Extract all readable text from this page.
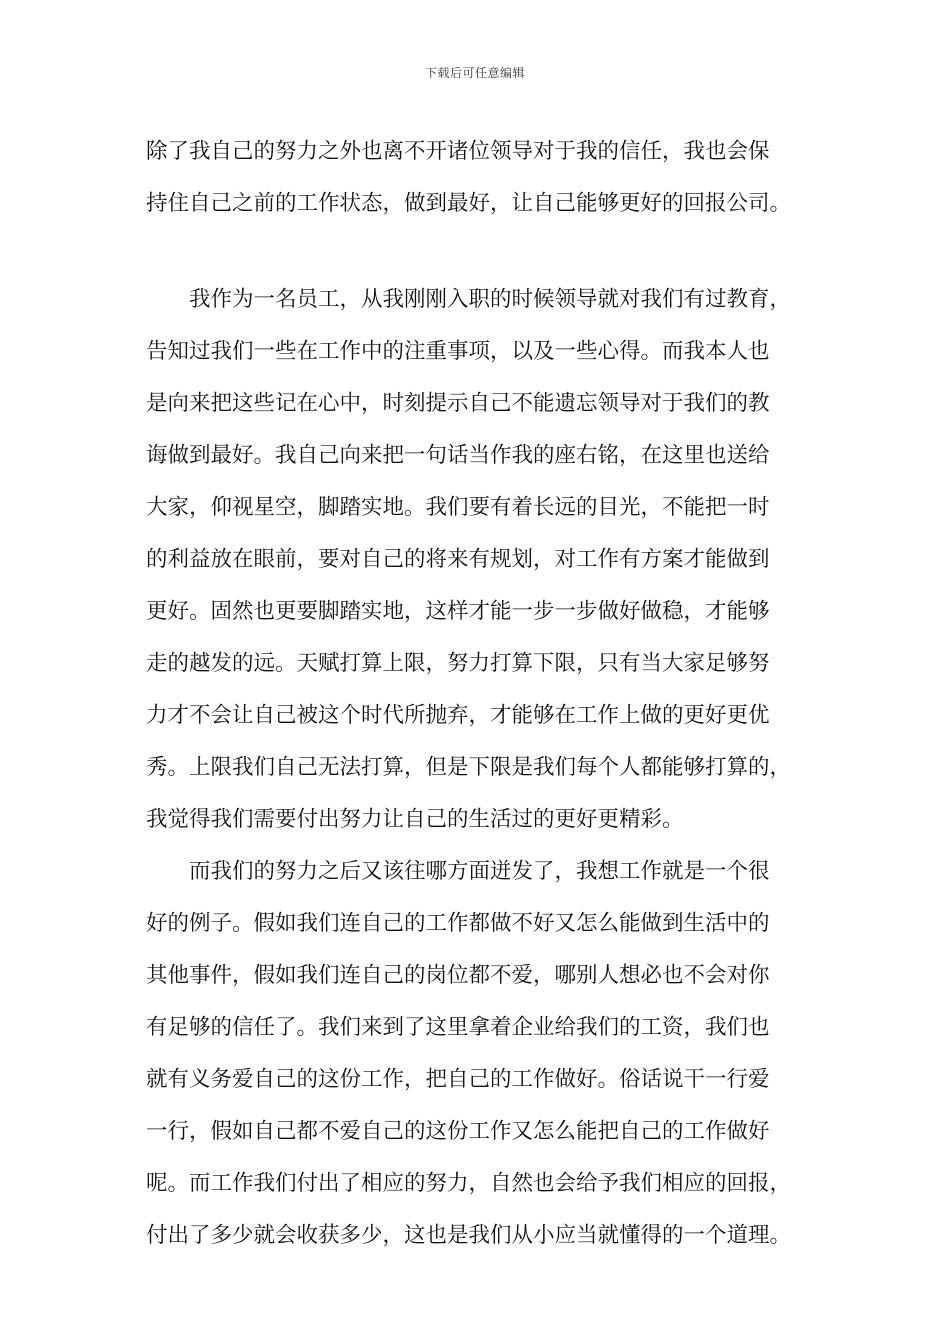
下载后可任意编辑
除了我自己的努力之外也离不开诸位领导对于我的信任，我也会保
持住自己之前的工作状态，做到最好，让自己能够更好的回报公司。
　　我作为一名员工，从我刚刚入职的时候领导就对我们有过教育，
告知过我们一些在工作中的注重事项，以及一些心得。而我本人也
是向来把这些记在心中，时刻提示自己不能遗忘领导对于我们的教
诲做到最好。我自己向来把一句话当作我的座右铭，在这里也送给
大家，仰视星空，脚踏实地。我们要有着长远的目光，不能把一时
的利益放在眼前，要对自己的将来有规划，对工作有方案才能做到
更好。固然也更要脚踏实地，这样才能一步一步做好做稳，才能够
走的越发的远。天赋打算上限，努力打算下限，只有当大家足够努
力才不会让自己被这个时代所抛弃，才能够在工作上做的更好更优
秀。上限我们自己无法打算，但是下限是我们每个人都能够打算的，
我觉得我们需要付出努力让自己的生活过的更好更精彩。
　　而我们的努力之后又该往哪方面迸发了，我想工作就是一个很
好的例子。假如我们连自己的工作都做不好又怎么能做到生活中的
其他事件，假如我们连自己的岗位都不爱，哪别人想必也不会对你
有足够的信任了。我们来到了这里拿着企业给我们的工资，我们也
就有义务爱自己的这份工作，把自己的工作做好。俗话说干一行爱
一行，假如自己都不爱自己的这份工作又怎么能把自己的工作做好
呢。而工作我们付出了相应的努力，自然也会给予我们相应的回报，
付出了多少就会收获多少，这也是我们从小应当就懂得的一个道理。
